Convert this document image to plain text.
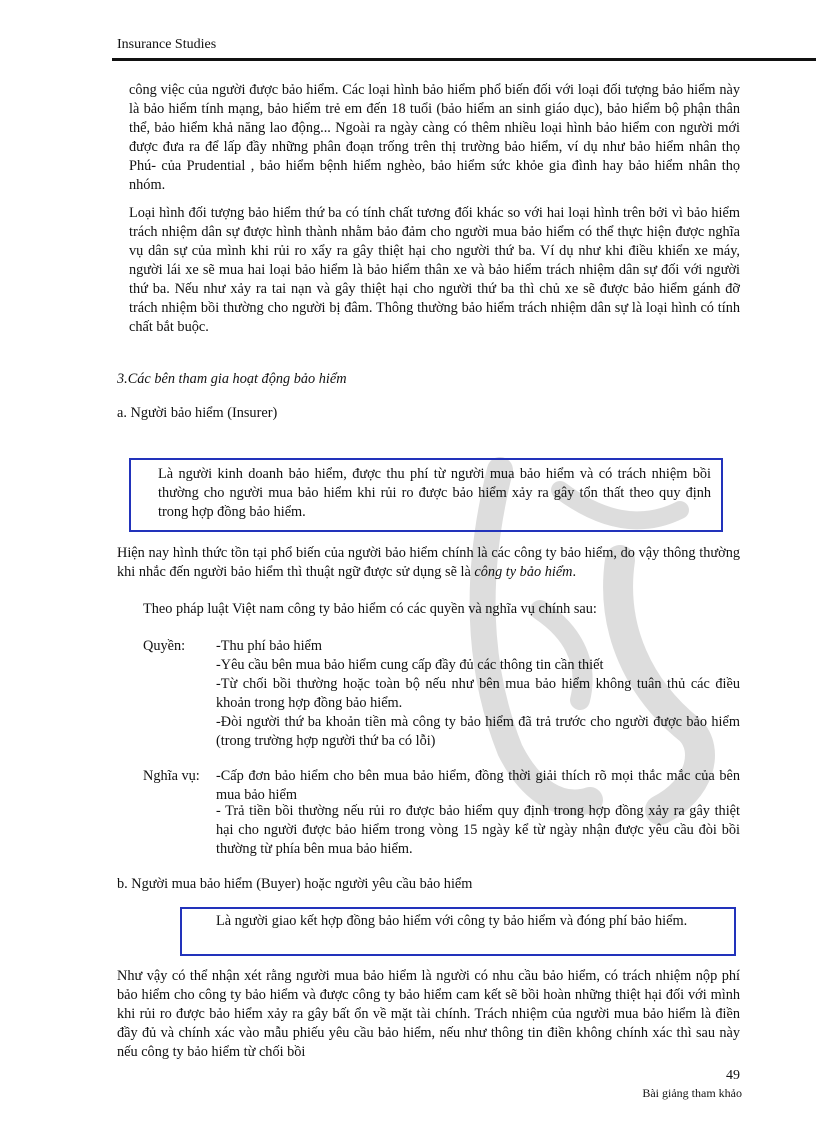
Insurance Studies

công việc của người được bảo hiểm. Các loại hình bảo hiểm phổ biến đối với loại đối tượng bảo hiểm này là bảo hiểm tính mạng, bảo hiểm trẻ em đến 18 tuổi (bảo hiểm an sinh giáo dục), bảo hiểm bộ phận thân thể, bảo hiểm khả năng lao động... Ngoài ra ngày càng có thêm nhiều loại hình bảo hiểm con người mới được đưa ra để lấp đầy những phân đoạn trống trên thị trường bảo hiểm, ví dụ như bảo hiểm nhân thọ Phú- của Prudential , bảo hiểm bệnh hiểm nghèo, bảo hiểm sức khỏe gia đình hay bảo hiểm nhân thọ nhóm.

Loại hình đối tượng bảo hiểm thứ ba có tính chất tương đối khác so với hai loại hình trên bởi vì bảo hiểm trách nhiệm dân sự được hình thành nhằm bảo đảm cho người mua bảo hiểm có thể thực hiện được nghĩa vụ dân sự của mình khi rủi ro xẩy ra gây thiệt hại cho người thứ ba. Ví dụ như khi điều khiển xe máy, người lái xe sẽ mua hai loại bảo hiểm là bảo hiểm thân xe và bảo hiểm trách nhiệm dân sự đối với người thứ ba. Nếu như xảy ra tai nạn và gây thiệt hại cho người thứ ba thì chủ xe sẽ được bảo hiểm gánh đỡ trách nhiệm bồi thường cho người bị đâm. Thông thường bảo hiểm trách nhiệm dân sự là loại hình có tính chất bắt buộc.

3.Các bên tham gia hoạt động bảo hiểm

a. Người bảo hiểm (Insurer)

Là người kinh doanh bảo hiểm, được thu phí từ người mua bảo hiểm và có trách nhiệm bồi thường cho người mua bảo hiểm khi rủi ro được bảo hiểm xảy ra gây tổn thất theo quy định trong hợp đồng bảo hiểm.

Hiện nay hình thức tồn tại phổ biến của người bảo hiểm chính là các công ty bảo hiểm, do vậy thông thường khi nhắc đến người bảo hiểm thì thuật ngữ được sử dụng sẽ là công ty bảo hiểm.

Theo pháp luật Việt nam công ty bảo hiểm có các quyền và nghĩa vụ chính sau:

Quyền: -Thu phí bảo hiểm

-Yêu cầu bên mua bảo hiểm cung cấp đầy đủ các thông tin cần thiết

-Từ chối bồi thường hoặc toàn bộ nếu như bên mua bảo hiểm không tuân thủ các điều khoản trong hợp đồng bảo hiểm.

-Đòi người thứ ba khoản tiền mà công ty bảo hiểm đã trả trước cho người được bảo hiểm (trong trường hợp người thứ ba có lỗi)

Nghĩa vụ: -Cấp đơn bảo hiểm cho bên mua bảo hiểm, đồng thời giải thích rõ mọi thắc mắc của bên mua bảo hiểm

- Trả tiền bồi thường nếu rủi ro được bảo hiểm quy định trong hợp đồng xảy ra gây thiệt hại cho người được bảo hiểm trong vòng 15 ngày kể từ ngày nhận được yêu cầu đòi bồi thường từ phía bên mua bảo hiểm.

b. Người mua bảo hiểm (Buyer) hoặc người yêu cầu bảo hiểm

Là người giao kết hợp đồng bảo hiểm với công ty bảo hiểm và đóng phí bảo hiểm.

Như vậy có thể nhận xét rằng người mua bảo hiểm là người có nhu cầu bảo hiểm, có trách nhiệm nộp phí bảo hiểm cho công ty bảo hiểm và được công ty bảo hiểm cam kết sẽ bồi hoàn những thiệt hại đối với mình khi rủi ro được bảo hiểm xảy ra gây bất ổn về mặt tài chính. Trách nhiệm của người mua bảo hiểm là điền đầy đủ và chính xác vào mẫu phiếu yêu cầu bảo hiểm, nếu như thông tin điền không chính xác thì sau này nếu công ty bảo hiểm từ chối bồi

49
Bài giảng tham khảo
